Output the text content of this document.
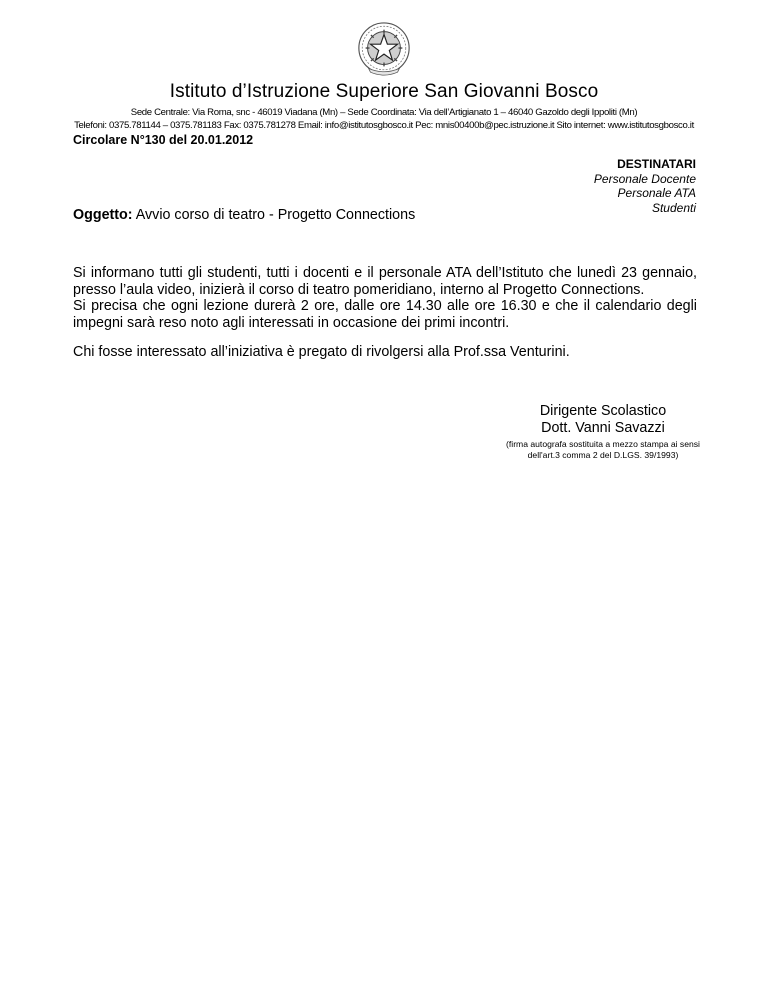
Istituto d’Istruzione Superiore San Giovanni Bosco
Sede Centrale: Via Roma, snc - 46019 Viadana (Mn) – Sede Coordinata: Via dell’Artigianato 1 – 46040 Gazoldo degli Ippoliti (Mn)
Telefoni: 0375.781144 – 0375.781183 Fax: 0375.781278 Email: info@istitutosgbosco.it Pec: mnis00400b@pec.istruzione.it Sito internet: www.istitutosgbosco.it
Circolare N°130 del 20.01.2012
DESTINATARI
Personale Docente
Personale ATA
Studenti
Oggetto: Avvio corso di teatro - Progetto Connections

Si informano tutti gli studenti, tutti i docenti e il personale ATA dell’Istituto che lunedì 23 gennaio, presso l’aula video, inizierà il corso di teatro pomeridiano, interno al Progetto Connections.

Si precisa che ogni lezione durerà 2 ore, dalle ore 14.30 alle ore 16.30 e che il calendario degli impegni sarà reso noto agli interessati in occasione dei primi incontri.

Chi fosse interessato all’iniziativa è pregato di rivolgersi alla Prof.ssa Venturini.
Dirigente Scolastico
Dott. Vanni Savazzi
(firma autografa sostituita a mezzo stampa ai sensi
dell'art.3 comma 2 del D.LGS. 39/1993)
